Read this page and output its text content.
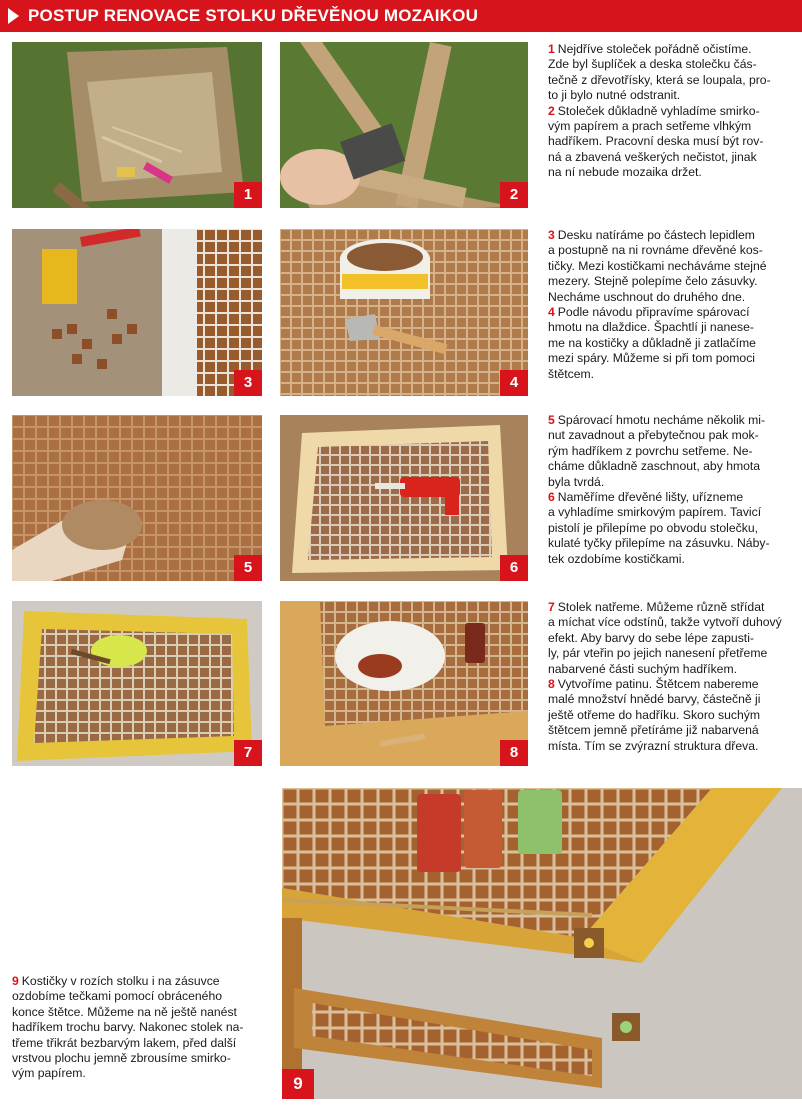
POSTUP RENOVACE STOLKU DŘEVĚNOU MOZAIKOU
1	2
3	4
5	6
7	8
9

1 Nejdříve stoleček pořádně očistíme.
Zde byl šuplíček a deska stolečku čás-
tečně z dřevotřísky, která se loupala, pro-
to ji bylo nutné odstranit.

2 Stoleček důkladně vyhladíme smirko-
vým papírem a prach setřeme vlhkým
hadříkem. Pracovní deska musí být rov-
ná a zbavená veškerých nečistot, jinak
na ní nebude mozaika držet.

3 Desku natíráme po částech lepidlem
a postupně na ni rovnáme dřevěné kos-
tičky. Mezi kostičkami necháváme stejné
mezery. Stejně polepíme čelo zásuvky.
Necháme uschnout do druhého dne.

4 Podle návodu připravíme spárovací
hmotu na dlaždice. Špachtlí ji nanese-
me na kostičky a důkladně ji zatlačíme
mezi spáry. Můžeme si při tom pomoci
štětcem.

5 Spárovací hmotu necháme několik mi-
nut zavadnout a přebytečnou pak mok-
rým hadříkem z povrchu setřeme. Ne-
cháme důkladně zaschnout, aby hmota
byla tvrdá.

6 Naměříme dřevěné lišty, uřízneme
a vyhladíme smirkovým papírem. Tavicí
pistolí je přilepíme po obvodu stolečku,
kulaté tyčky přilepíme na zásuvku. Náby-
tek ozdobíme kostičkami.

7 Stolek natřeme. Můžeme různě střídat
a míchat více odstínů, takže vytvoří duhový
efekt. Aby barvy do sebe lépe zapusti-
ly, pár vteřin po jejich nanesení přetřeme
nabarvené části suchým hadříkem.

8 Vytvoříme patinu. Štětcem nabereme
malé množství hnědé barvy, částečně ji
ještě otřeme do hadříku. Skoro suchým
štětcem jemně přetíráme již nabarvená
místa. Tím se zvýrazní struktura dřeva.

9 Kostičky v rozích stolku i na zásuvce
ozdobíme tečkami pomocí obráceného
konce štětce. Můžeme na ně ještě nanést
hadříkem trochu barvy. Nakonec stolek na-
třeme třikrát bezbarvým lakem, před další
vrstvou plochu jemně zbrousíme smirko-
vým papírem.
